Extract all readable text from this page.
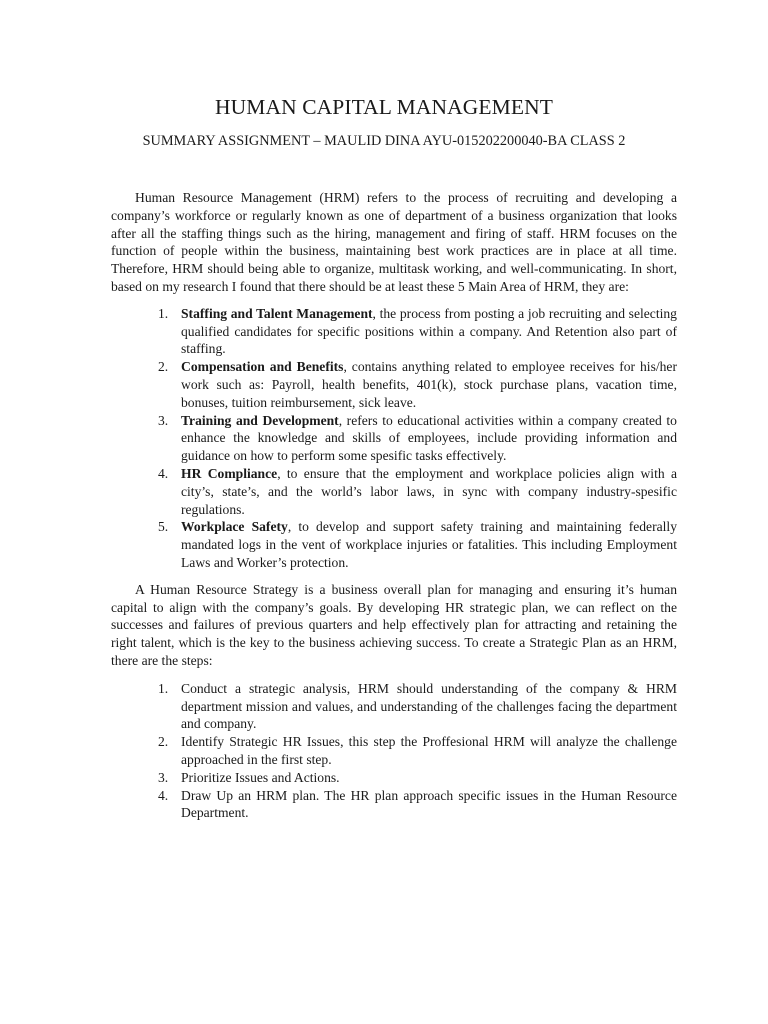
HUMAN CAPITAL MANAGEMENT
SUMMARY ASSIGNMENT – MAULID DINA AYU-015202200040-BA CLASS 2

Human Resource Management (HRM) refers to the process of recruiting and developing a company’s workforce or regularly known as one of department of a business organization that looks after all the staffing things such as the hiring, management and firing of staff. HRM focuses on the function of people within the business, maintaining best work practices are in place at all time. Therefore, HRM should being able to organize, multitask working, and well-communicating. In short, based on my research I found that there should be at least these 5 Main Area of HRM, they are:

1. Staffing and Talent Management, the process from posting a job recruiting and selecting qualified candidates for specific positions within a company. And Retention also part of staffing.
2. Compensation and Benefits, contains anything related to employee receives for his/her work such as: Payroll, health benefits, 401(k), stock purchase plans, vacation time, bonuses, tuition reimbursement, sick leave.
3. Training and Development, refers to educational activities within a company created to enhance the knowledge and skills of employees, include providing information and guidance on how to perform some spesific tasks effectively.
4. HR Compliance, to ensure that the employment and workplace policies align with a city’s, state’s, and the world’s labor laws, in sync with company industry-spesific regulations.
5. Workplace Safety, to develop and support safety training and maintaining federally mandated logs in the vent of workplace injuries or fatalities. This including Employment Laws and Worker’s protection.

A Human Resource Strategy is a business overall plan for managing and ensuring it’s human capital to align with the company’s goals. By developing HR strategic plan, we can reflect on the successes and failures of previous quarters and help effectively plan for attracting and retaining the right talent, which is the key to the business achieving success. To create a Strategic Plan as an HRM, there are the steps:

1. Conduct a strategic analysis, HRM should understanding of the company & HRM department mission and values, and understanding of the challenges facing the department and company.
2. Identify Strategic HR Issues, this step the Proffesional HRM will analyze the challenge approached in the first step.
3. Prioritize Issues and Actions.
4. Draw Up an HRM plan. The HR plan approach specific issues in the Human Resource Department.
